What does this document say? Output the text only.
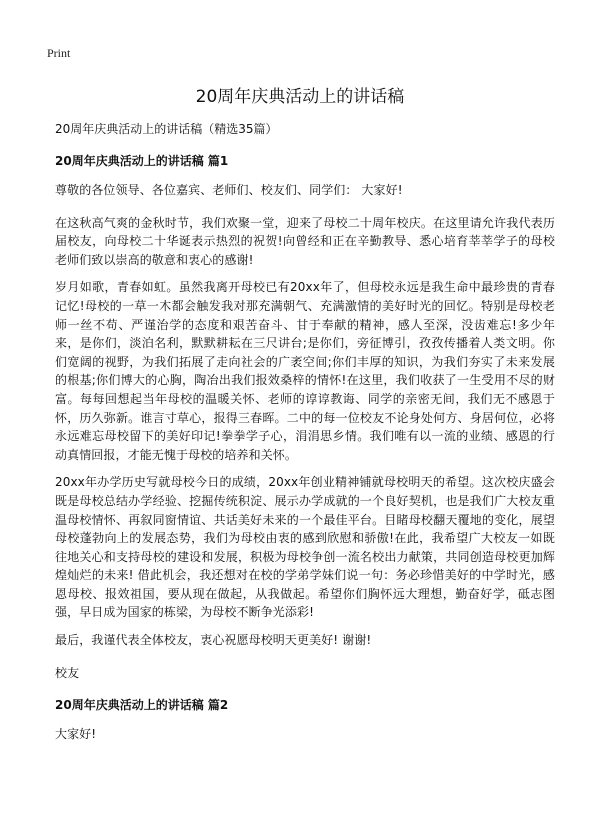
Print
20周年庆典活动上的讲话稿

20周年庆典活动上的讲话稿（精选35篇）

20周年庆典活动上的讲话稿 篇1

尊敬的各位领导、各位嘉宾、老师们、校友们、同学们： 大家好!

在这秋高气爽的金秋时节，我们欢聚一堂，迎来了母校二十周年校庆。在这里请允许我代表历届校友，向母校二十华诞表示热烈的祝贺!向曾经和正在辛勤教导、悉心培育莘莘学子的母校老师们致以崇高的敬意和衷心的感谢!

岁月如歌，青春如虹。虽然我离开母校已有20xx年了，但母校永远是我生命中最珍贵的青春记忆!母校的一草一木都会触发我对那充满朝气、充满激情的美好时光的回忆。特别是母校老师一丝不苟、严谨治学的态度和艰苦奋斗、甘于奉献的精神，感人至深，没齿难忘!多少年来，是你们，淡泊名利，默默耕耘在三尺讲台;是你们，旁征博引，孜孜传播着人类文明。你们宽阔的视野，为我们拓展了走向社会的广袤空间;你们丰厚的知识，为我们夯实了未来发展的根基;你们博大的心胸，陶冶出我们报效桑梓的情怀!在这里，我们收获了一生受用不尽的财富。每每回想起当年母校的温暖关怀、老师的谆谆教诲、同学的亲密无间，我们无不感恩于怀，历久弥新。谁言寸草心，报得三春晖。二中的每一位校友不论身处何方、身居何位，必将永远难忘母校留下的美好印记!拳拳学子心，涓涓思乡情。我们唯有以一流的业绩、感恩的行动真情回报，才能无愧于母校的培养和关怀。

20xx年办学历史写就母校今日的成绩，20xx年创业精神铺就母校明天的希望。这次校庆盛会既是母校总结办学经验、挖掘传统积淀、展示办学成就的一个良好契机，也是我们广大校友重温母校情怀、再叙同窗情谊、共话美好未来的一个最佳平台。目睹母校翻天覆地的变化，展望母校蓬勃向上的发展态势，我们为母校由衷的感到欣慰和骄傲!在此，我希望广大校友一如既往地关心和支持母校的建设和发展，积极为母校争创一流名校出力献策，共同创造母校更加辉煌灿烂的未来! 借此机会，我还想对在校的学弟学妹们说一句：务必珍惜美好的中学时光，感恩母校、报效祖国，要从现在做起，从我做起。希望你们胸怀远大理想，勤奋好学，砥志图强，早日成为国家的栋梁，为母校不断争光添彩!

最后，我谨代表全体校友，衷心祝愿母校明天更美好! 谢谢!

校友

20周年庆典活动上的讲话稿 篇2

大家好!
